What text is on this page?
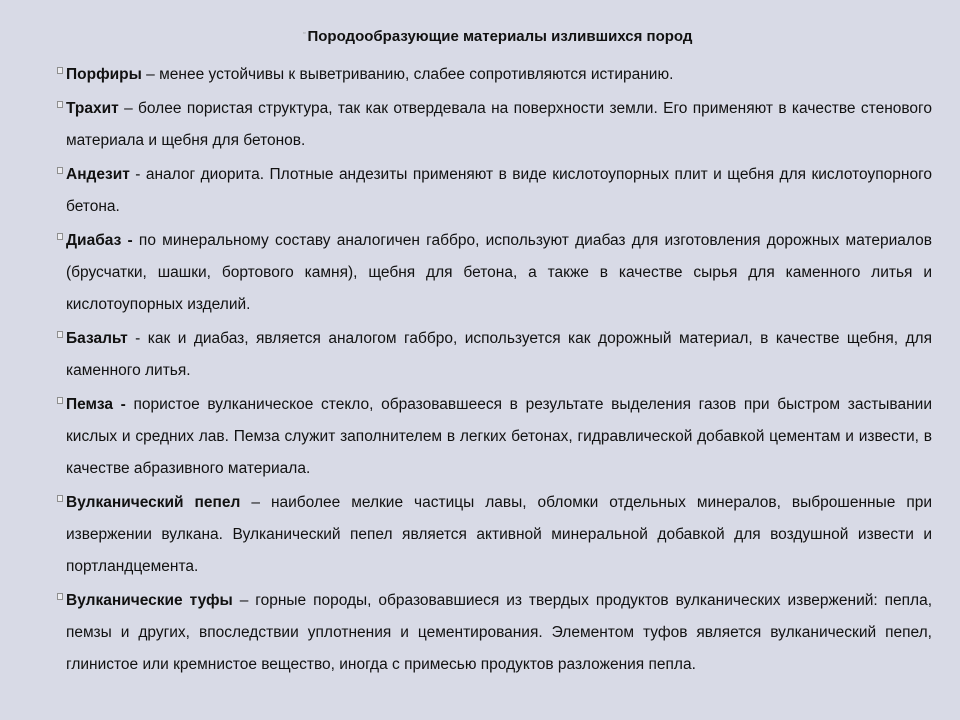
▫ Породообразующие материалы излившихся пород

Порфиры – менее устойчивы к выветриванию, слабее сопротивляются истиранию.

Трахит – более пористая структура, так как отвердевала на поверхности земли. Его применяют в качестве стенового материала и щебня для бетонов.

Андезит - аналог диорита. Плотные андезиты применяют в виде кислотоупорных плит и щебня для кислотоупорного бетона.

Диабаз - по минеральному составу аналогичен габбро, используют диабаз для изготовления дорожных материалов (брусчатки, шашки, бортового камня), щебня для бетона, а также в качестве сырья для каменного литья и кислотоупорных изделий.

Базальт - как и диабаз, является аналогом габбро, используется как дорожный материал, в качестве щебня, для каменного литья.

Пемза - пористое вулканическое стекло, образовавшееся в результате выделения газов при быстром застывании кислых и средних лав. Пемза служит заполнителем в легких бетонах, гидравлической добавкой цементам и извести, в качестве абразивного материала.

Вулканический пепел – наиболее мелкие частицы лавы, обломки отдельных минералов, выброшенные при извержении вулкана. Вулканический пепел является активной минеральной добавкой для воздушной извести и портландцемента.

Вулканические туфы – горные породы, образовавшиеся из твердых продуктов вулканических извержений: пепла, пемзы и других, впоследствии уплотнения и цементирования. Элементом туфов является вулканический пепел, глинистое или кремнистое вещество, иногда с примесью продуктов разложения пепла.
